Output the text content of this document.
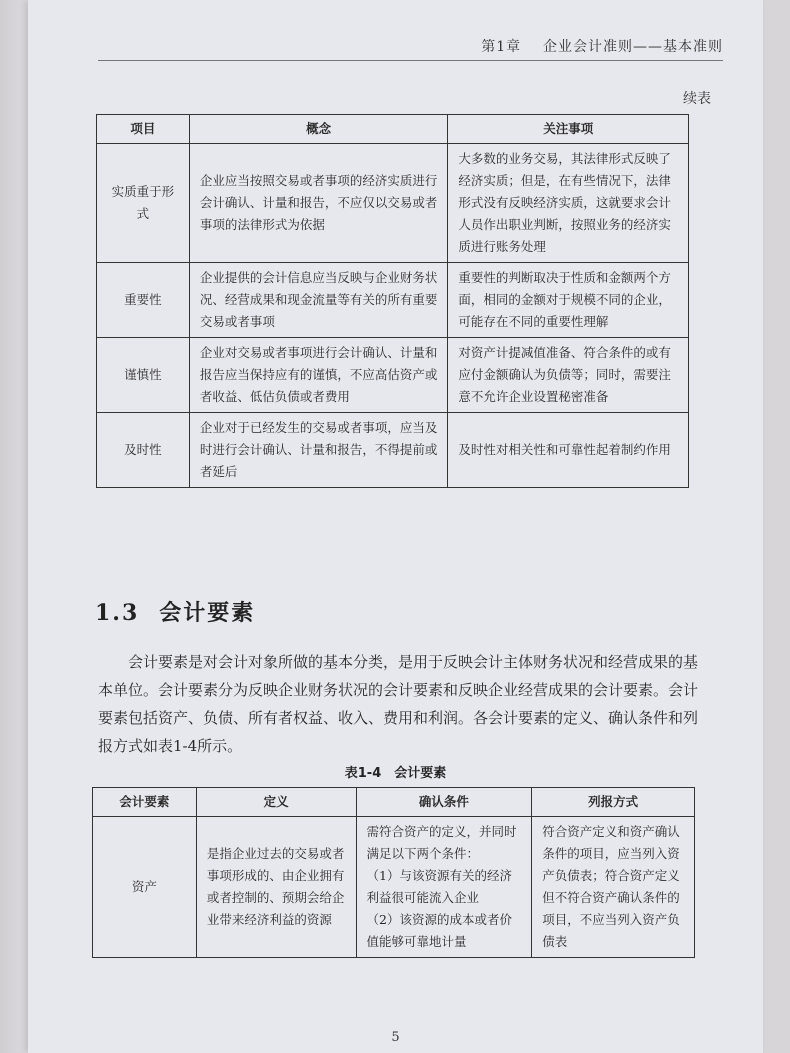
第1章 企业会计准则——基本准则
续表
项目	概念	关注事项
实质重于形式	企业应当按照交易或者事项的经济实质进行会计确认、计量和报告，不应仅以交易或者事项的法律形式为依据	大多数的业务交易，其法律形式反映了经济实质；但是，在有些情况下，法律形式没有反映经济实质，这就要求会计人员作出职业判断，按照业务的经济实质进行账务处理
重要性	企业提供的会计信息应当反映与企业财务状况、经营成果和现金流量等有关的所有重要交易或者事项	重要性的判断取决于性质和金额两个方面，相同的金额对于规模不同的企业，可能存在不同的重要性理解
谨慎性	企业对交易或者事项进行会计确认、计量和报告应当保持应有的谨慎，不应高估资产或者收益、低估负债或者费用	对资产计提减值准备、符合条件的或有应付金额确认为负债等；同时，需要注意不允许企业设置秘密准备
及时性	企业对于已经发生的交易或者事项，应当及时进行会计确认、计量和报告，不得提前或者延后	及时性对相关性和可靠性起着制约作用
1.3 会计要素

会计要素是对会计对象所做的基本分类，是用于反映会计主体财务状况和经营成果的基本单位。会计要素分为反映企业财务状况的会计要素和反映企业经营成果的会计要素。会计要素包括资产、负债、所有者权益、收入、费用和利润。各会计要素的定义、确认条件和列报方式如表1-4所示。

表1-4　会计要素
会计要素	定义	确认条件	列报方式
资产	是指企业过去的交易或者事项形成的、由企业拥有或者控制的、预期会给企业带来经济利益的资源	需符合资产的定义，并同时满足以下两个条件：
（1）与该资源有关的经济利益很可能流入企业
（2）该资源的成本或者价值能够可靠地计量	符合资产定义和资产确认条件的项目，应当列入资产负债表；符合资产定义但不符合资产确认条件的项目，不应当列入资产负债表
5
